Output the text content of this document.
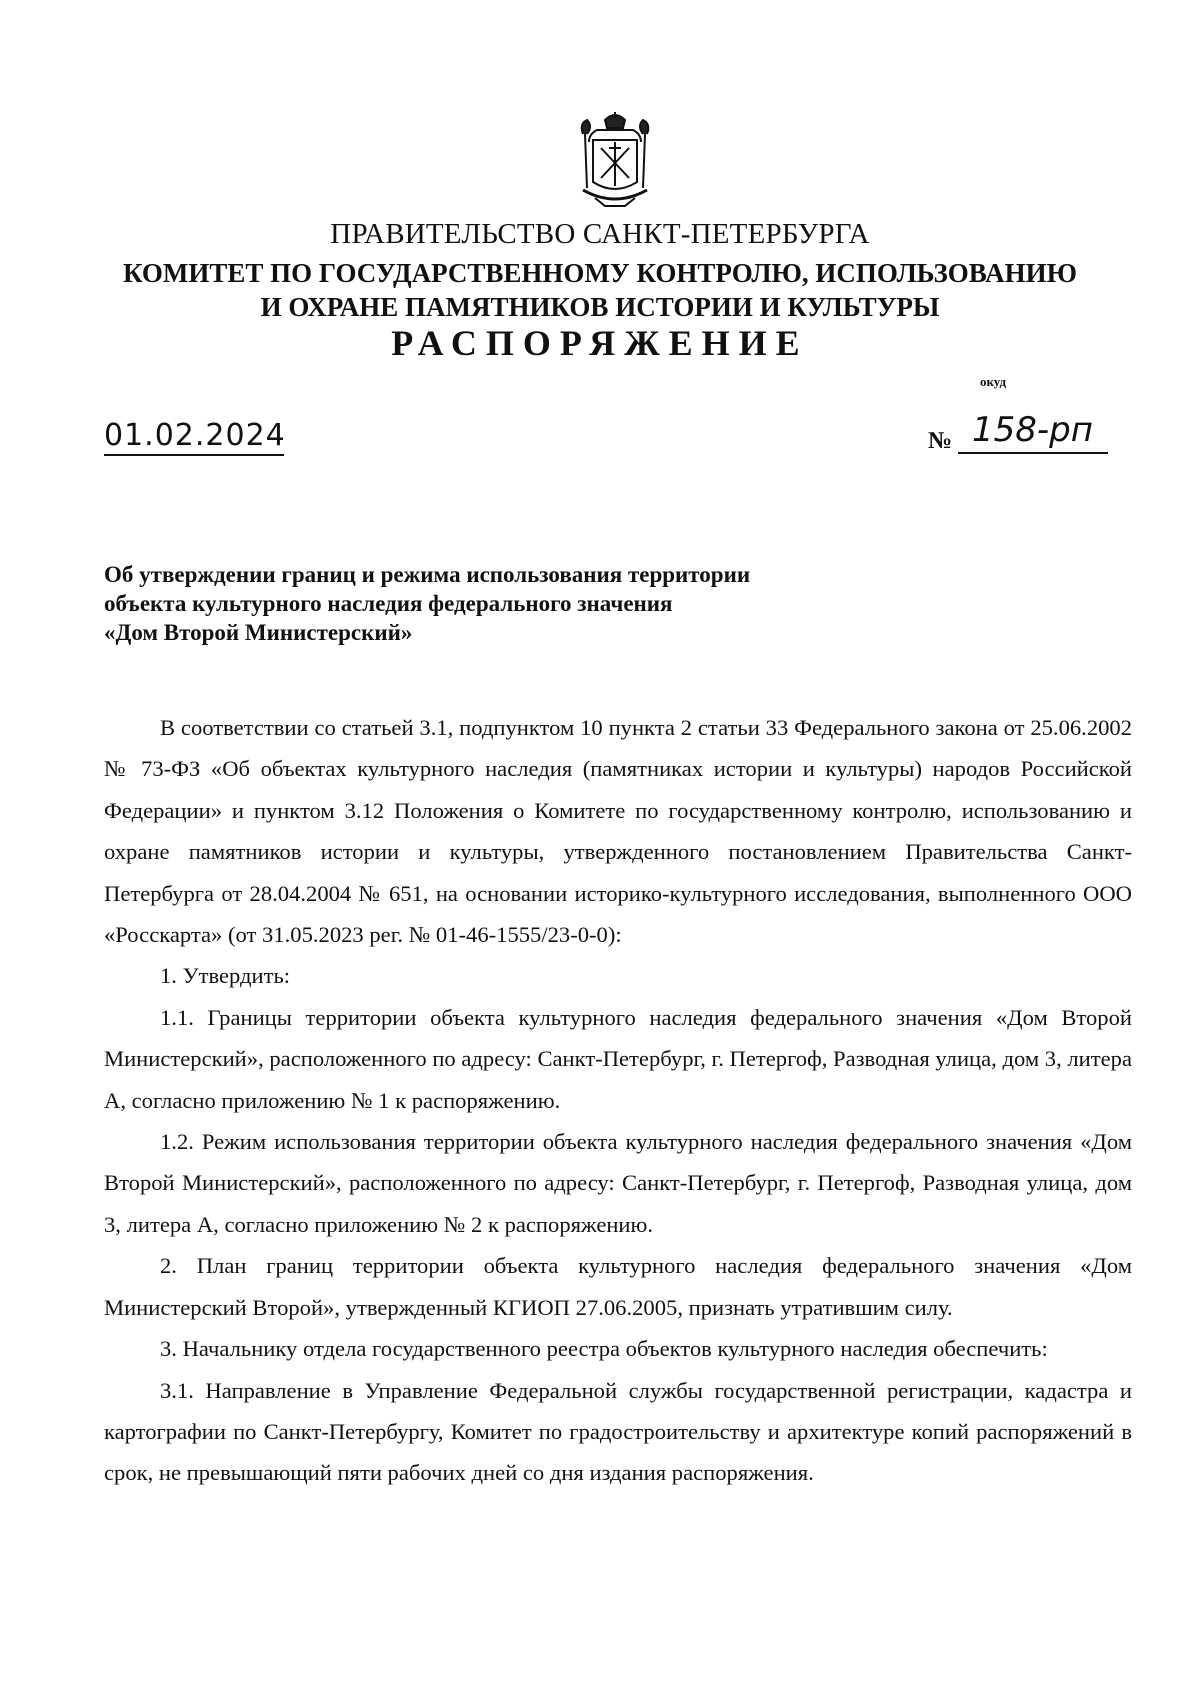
ПРАВИТЕЛЬСТВО САНКТ-ПЕТЕРБУРГА
КОМИТЕТ ПО ГОСУДАРСТВЕННОМУ КОНТРОЛЮ, ИСПОЛЬЗОВАНИЮ
И ОХРАНЕ ПАМЯТНИКОВ ИСТОРИИ И КУЛЬТУРЫ
РАСПОРЯЖЕНИЕ
окуд
01.02.2024	№ 158-рп
Об утверждении границ и режима использования территории
объекта культурного наследия федерального значения
«Дом Второй Министерский»

В соответствии со статьей 3.1, подпунктом 10 пункта 2 статьи 33 Федерального закона от 25.06.2002 № 73-ФЗ «Об объектах культурного наследия (памятниках истории и культуры) народов Российской Федерации» и пунктом 3.12 Положения о Комитете по государственному контролю, использованию и охране памятников истории и культуры, утвержденного постановлением Правительства Санкт-Петербурга от 28.04.2004 № 651, на основании историко-культурного исследования, выполненного ООО «Росскарта» (от 31.05.2023 рег. № 01-46-1555/23-0-0):

1. Утвердить:

1.1. Границы территории объекта культурного наследия федерального значения «Дом Второй Министерский», расположенного по адресу: Санкт-Петербург, г. Петергоф, Разводная улица, дом 3, литера А, согласно приложению № 1 к распоряжению.

1.2. Режим использования территории объекта культурного наследия федерального значения «Дом Второй Министерский», расположенного по адресу: Санкт-Петербург, г. Петергоф, Разводная улица, дом 3, литера А, согласно приложению № 2 к распоряжению.

2. План границ территории объекта культурного наследия федерального значения «Дом Министерский Второй», утвержденный КГИОП 27.06.2005, признать утратившим силу.

3. Начальнику отдела государственного реестра объектов культурного наследия обеспечить:

3.1. Направление в Управление Федеральной службы государственной регистрации, кадастра и картографии по Санкт-Петербургу, Комитет по градостроительству и архитектуре копий распоряжений в срок, не превышающий пяти рабочих дней со дня издания распоряжения.
